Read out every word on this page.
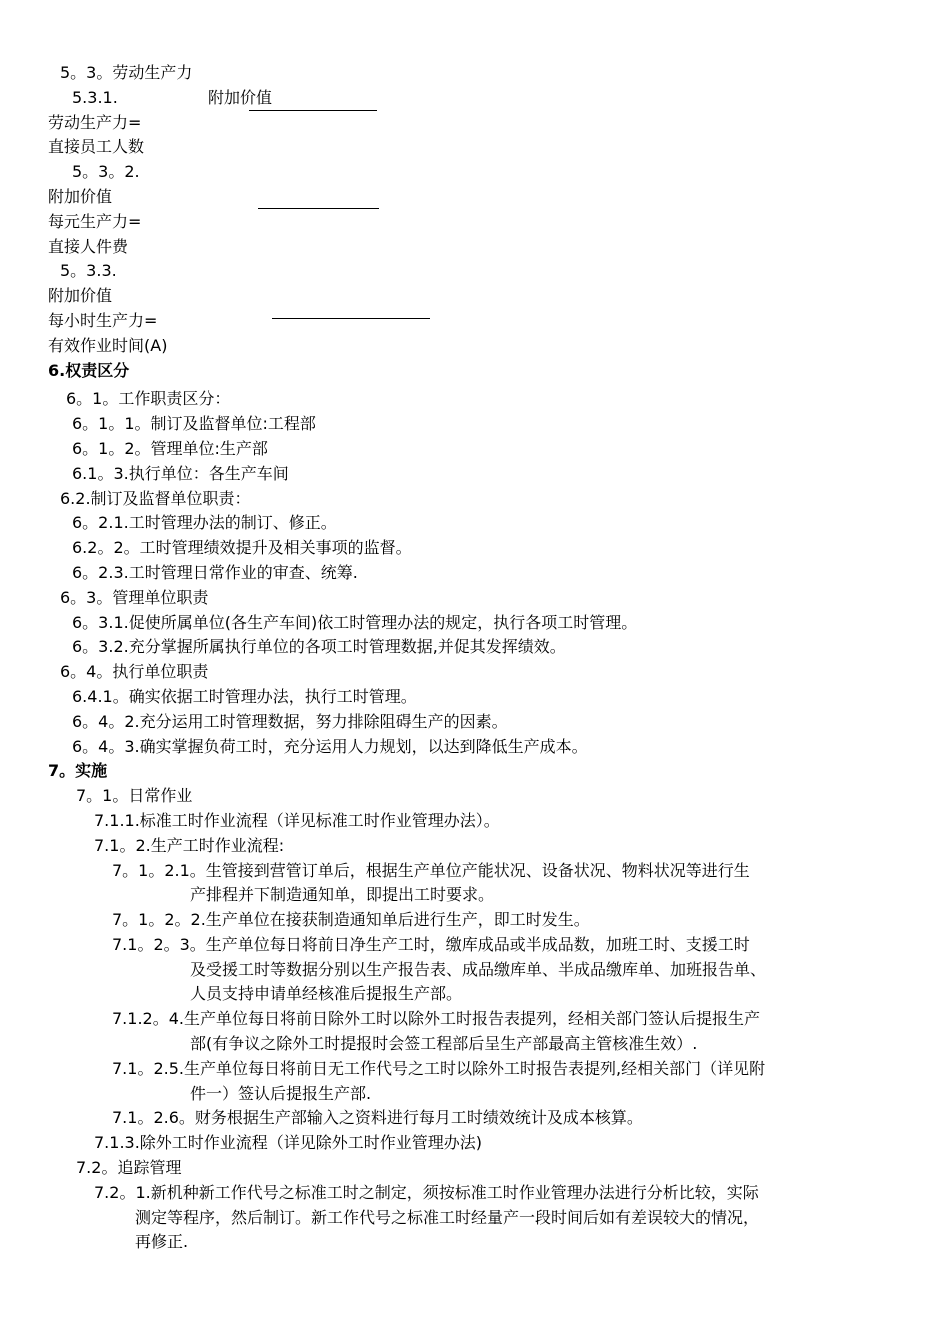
5。3。劳动生产力
5.3.1.	附加价值
劳动生产力=
直接员工人数
5。3。2.
附加价值
每元生产力=
直接人件费
5。3.3.
附加价值
每小时生产力=
有效作业时间(A)
6.权责区分
6。1。工作职责区分：
6。1。1。制订及监督单位:工程部
6。1。2。管理单位:生产部
6.1。3.执行单位：各生产车间
6.2.制订及监督单位职责：
6。2.1.工时管理办法的制订、修正。
6.2。2。工时管理绩效提升及相关事项的监督。
6。2.3.工时管理日常作业的审查、统筹.
6。3。管理单位职责
6。3.1.促使所属单位(各生产车间)依工时管理办法的规定，执行各项工时管理。
6。3.2.充分掌握所属执行单位的各项工时管理数据,并促其发挥绩效。
6。4。执行单位职责
6.4.1。确实依据工时管理办法，执行工时管理。
6。4。2.充分运用工时管理数据，努力排除阻碍生产的因素。
6。4。3.确实掌握负荷工时，充分运用人力规划，以达到降低生产成本。
7。实施
7。1。日常作业
7.1.1.标准工时作业流程（详见标准工时作业管理办法）。
7.1。2.生产工时作业流程:
7。1。2.1。生管接到营管订单后，根据生产单位产能状况、设备状况、物料状况等进行生
产排程并下制造通知单，即提出工时要求。
7。1。2。2.生产单位在接获制造通知单后进行生产，即工时发生。
7.1。2。3。生产单位每日将前日净生产工时，缴库成品或半成品数，加班工时、支援工时
及受援工时等数据分别以生产报告表、成品缴库单、半成品缴库单、加班报告单、
人员支持申请单经核准后提报生产部。
7.1.2。4.生产单位每日将前日除外工时以除外工时报告表提列，经相关部门签认后提报生产
部(有争议之除外工时提报时会签工程部后呈生产部最高主管核准生效）.
7.1。2.5.生产单位每日将前日无工作代号之工时以除外工时报告表提列,经相关部门（详见附
件一）签认后提报生产部.
7.1。2.6。财务根据生产部输入之资料进行每月工时绩效统计及成本核算。
7.1.3.除外工时作业流程（详见除外工时作业管理办法)
7.2。追踪管理
7.2。1.新机种新工作代号之标准工时之制定，须按标准工时作业管理办法进行分析比较，实际
测定等程序，然后制订。新工作代号之标准工时经量产一段时间后如有差误较大的情况，
再修正.
